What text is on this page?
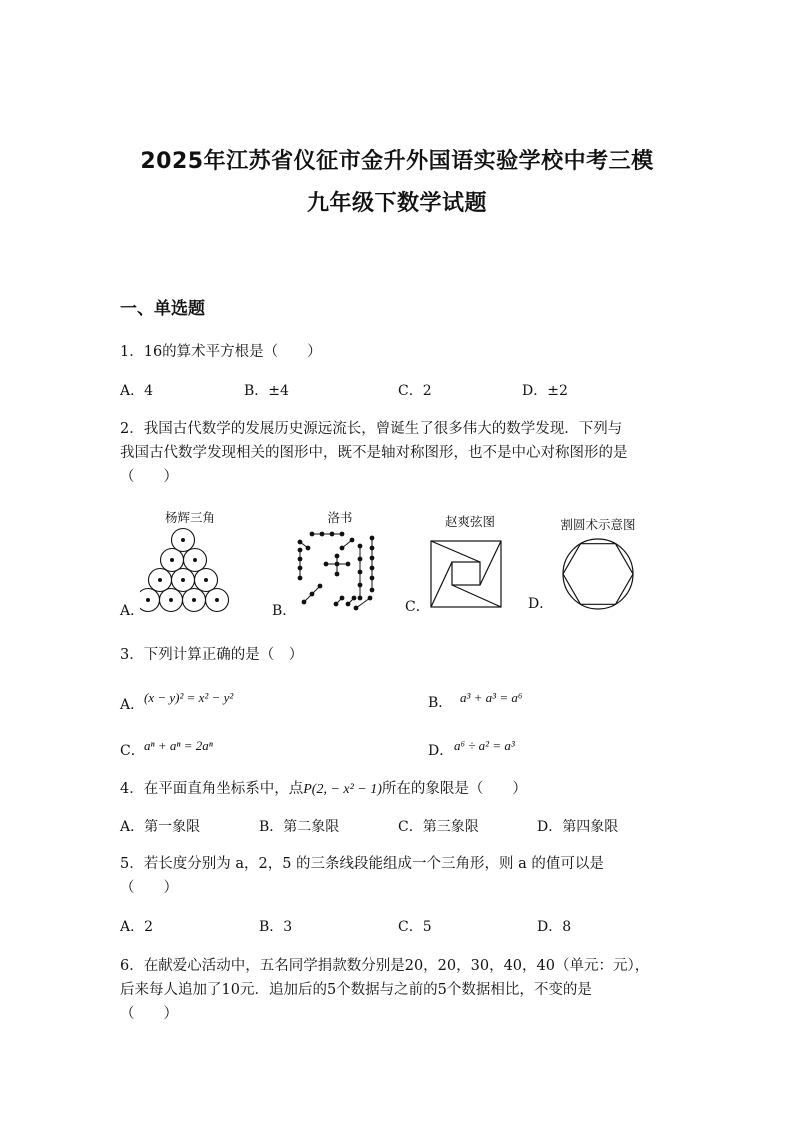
2025年江苏省仪征市金升外国语实验学校中考三模
九年级下数学试题
一、单选题
1．16的算术平方根是（　　）
A．4	B．±4	C．2	D．±2
2．我国古代数学的发展历史源远流长，曾诞生了很多伟大的数学发现．下列与
我国古代数学发现相关的图形中，既不是轴对称图形，也不是中心对称图形的是
（　　）
杨辉三角
A．
洛书
B．
赵爽弦图
C．
割圆术示意图
D．
3．下列计算正确的是（　）
A． (x − y)² = x² − y²	B． a³ + a³ = a⁶
C． aⁿ + aⁿ = 2aⁿ	D． a⁶ ÷ a² = a³
4．在平面直角坐标系中，点P(2, − x² − 1)所在的象限是（　　）
A．第一象限	B．第二象限	C．第三象限	D．第四象限
5．若长度分别为 a，2，5 的三条线段能组成一个三角形，则 a 的值可以是
（　　）
A．2	B．3	C．5	D．8
6．在献爱心活动中，五名同学捐款数分别是20，20，30，40，40（单元：元），
后来每人追加了10元．追加后的5个数据与之前的5个数据相比，不变的是
（　　）
